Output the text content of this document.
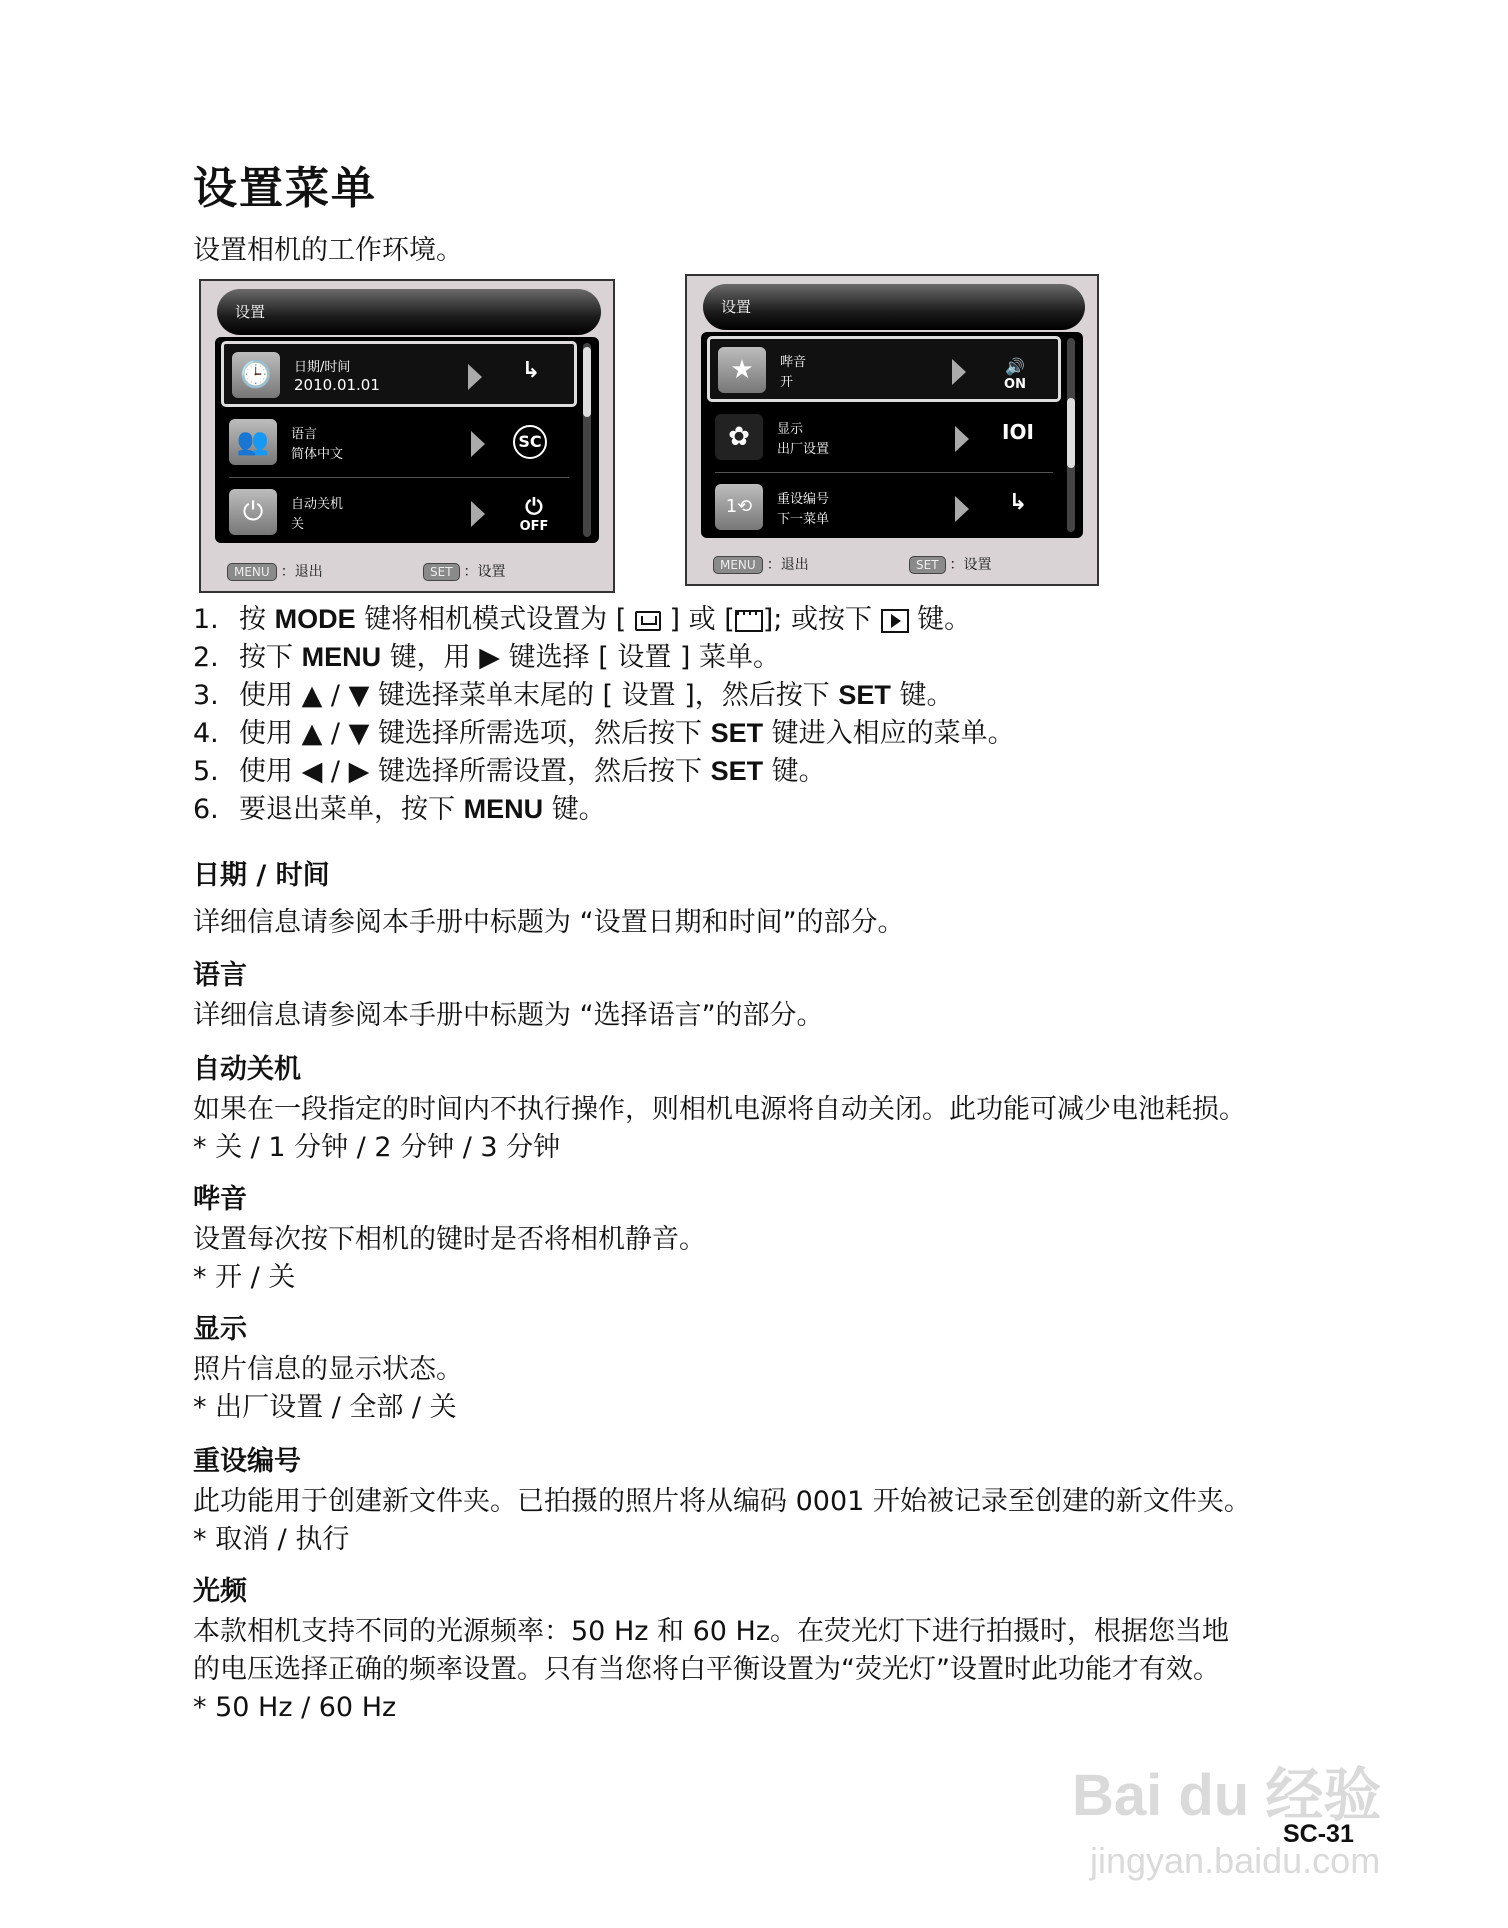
设置菜单
设置相机的工作环境。
设置
🕒	日期/时间
2010.01.01
↳
👥	语言
简体中文
SC
⏻	自动关机
关
⏻
OFF
MENU ：退出	SET ：设置
设置
★	哔音
开
🔊
ON
✿	显示
出厂设置
IOI
1⟲	重设编号
下一菜单
↳
MENU ：退出	SET ：设置
1. 按 MODE 键将相机模式设置为 [ ] 或 [ ]; 或按下 键。
2. 按下 MENU 键，用 ▶ 键选择 [ 设置 ] 菜单。
3. 使用 ▲ / ▼ 键选择菜单末尾的 [ 设置 ]，然后按下 SET 键。
4. 使用 ▲ / ▼ 键选择所需选项，然后按下 SET 键进入相应的菜单。
5. 使用 ◀ / ▶ 键选择所需设置，然后按下 SET 键。
6. 要退出菜单，按下 MENU 键。
日期 / 时间
详细信息请参阅本手册中标题为 “设置日期和时间”的部分。
语言
详细信息请参阅本手册中标题为 “选择语言”的部分。
自动关机
如果在一段指定的时间内不执行操作，则相机电源将自动关闭。此功能可减少电池耗损。
* 关 / 1 分钟 / 2 分钟 / 3 分钟
哔音
设置每次按下相机的键时是否将相机静音。
* 开 / 关
显示
照片信息的显示状态。
* 出厂设置 / 全部 / 关
重设编号
此功能用于创建新文件夹。已拍摄的照片将从编码 0001 开始被记录至创建的新文件夹。
* 取消 / 执行
光频
本款相机支持不同的光源频率：50 Hz 和 60 Hz。在荧光灯下进行拍摄时，根据您当地
的电压选择正确的频率设置。只有当您将白平衡设置为“荧光灯”设置时此功能才有效。
* 50 Hz / 60 Hz
Bai du 经验
jingyan.baidu.com
SC-31
